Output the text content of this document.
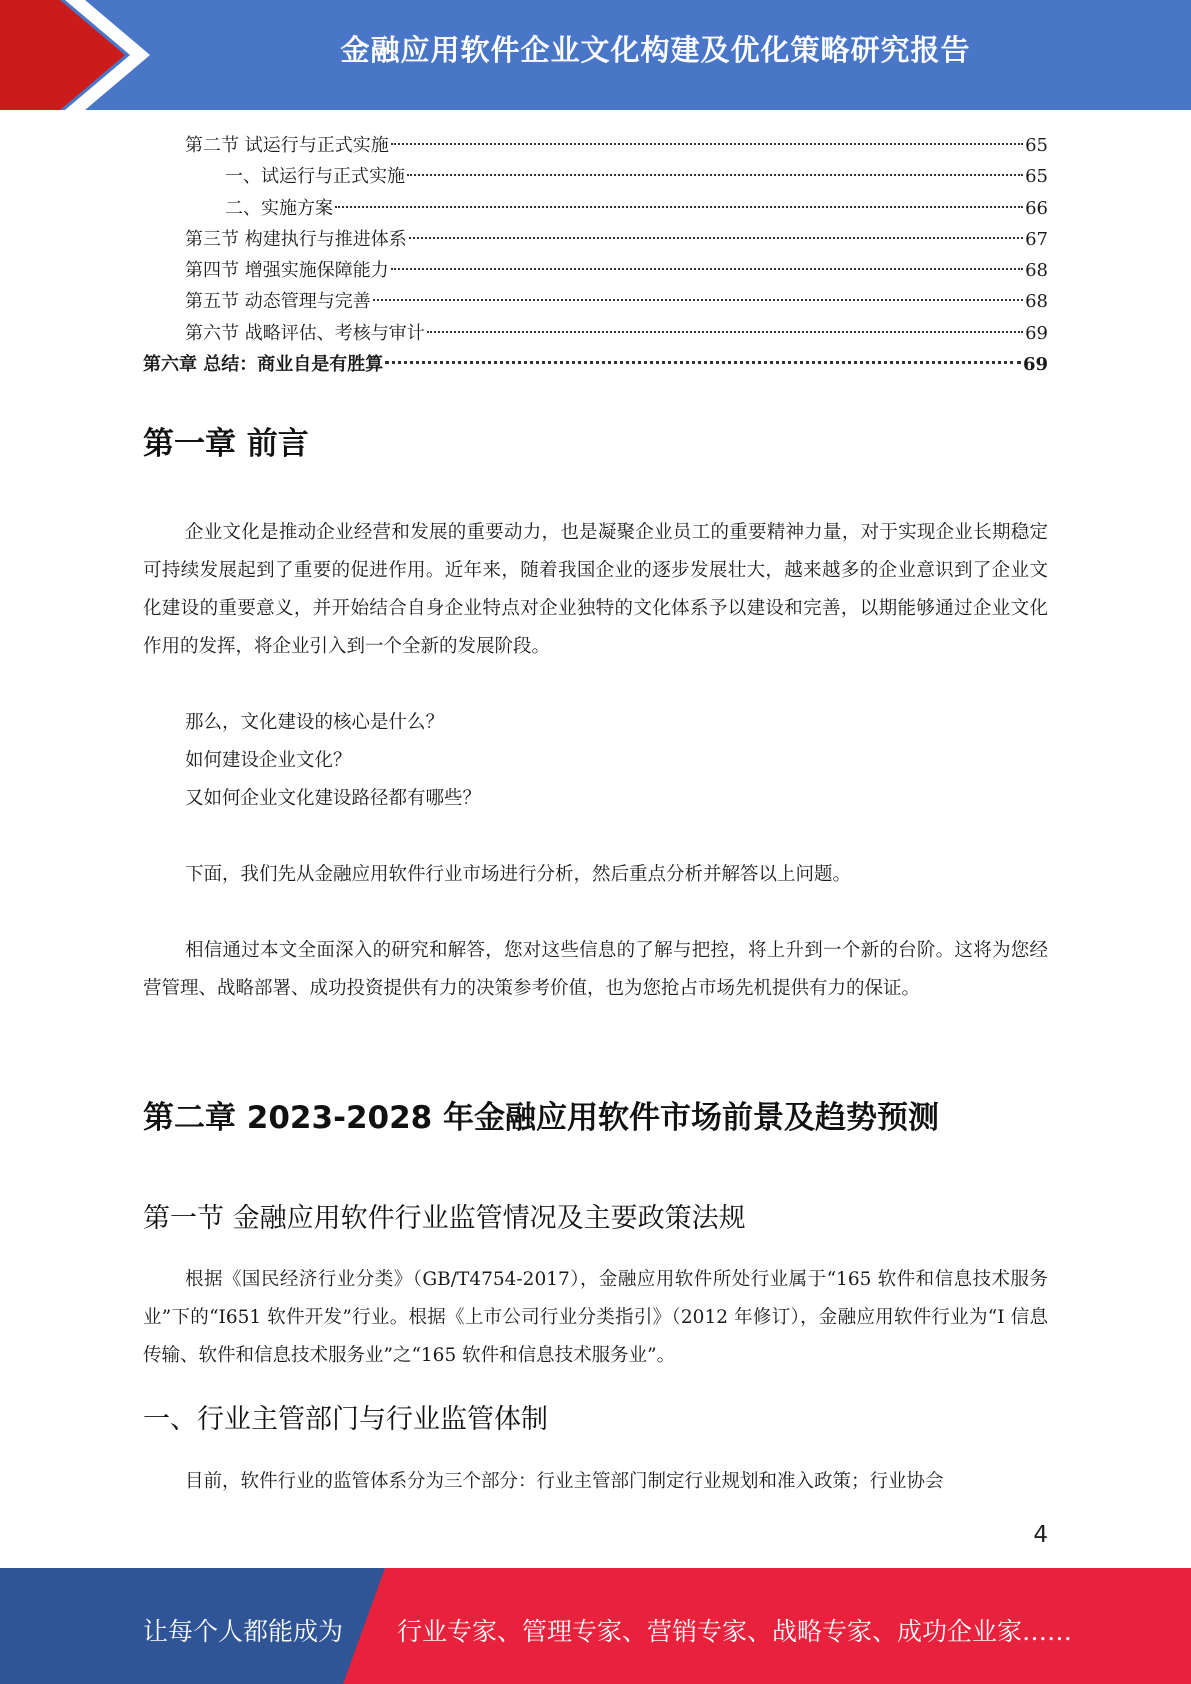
金融应用软件企业文化构建及优化策略研究报告
第二节 试运行与正式实施	65
一、试运行与正式实施	65
二、实施方案	66
第三节 构建执行与推进体系	67
第四节 增强实施保障能力	68
第五节 动态管理与完善	68
第六节 战略评估、考核与审计	69
第六章 总结：商业自是有胜算	69
第一章 前言
企业文化是推动企业经营和发展的重要动力，也是凝聚企业员工的重要精神力量，对于实现企业长期稳定可持续发展起到了重要的促进作用。近年来，随着我国企业的逐步发展壮大，越来越多的企业意识到了企业文化建设的重要意义，并开始结合自身企业特点对企业独特的文化体系予以建设和完善，以期能够通过企业文化作用的发挥，将企业引入到一个全新的发展阶段。
那么，文化建设的核心是什么？
如何建设企业文化？
又如何企业文化建设路径都有哪些？
下面，我们先从金融应用软件行业市场进行分析，然后重点分析并解答以上问题。
相信通过本文全面深入的研究和解答，您对这些信息的了解与把控，将上升到一个新的台阶。这将为您经营管理、战略部署、成功投资提供有力的决策参考价值，也为您抢占市场先机提供有力的保证。
第二章 2023-2028 年金融应用软件市场前景及趋势预测
第一节 金融应用软件行业监管情况及主要政策法规
根据《国民经济行业分类》（GB/T4754-2017），金融应用软件所处行业属于“165 软件和信息技术服务业”下的“I651 软件开发”行业。根据《上市公司行业分类指引》（2012 年修订），金融应用软件行业为“I 信息传输、软件和信息技术服务业”之“165 软件和信息技术服务业”。
一、行业主管部门与行业监管体制
目前，软件行业的监管体系分为三个部分：行业主管部门制定行业规划和准入政策；行业协会
4
让每个人都能成为 行业专家、管理专家、营销专家、战略专家、成功企业家……
